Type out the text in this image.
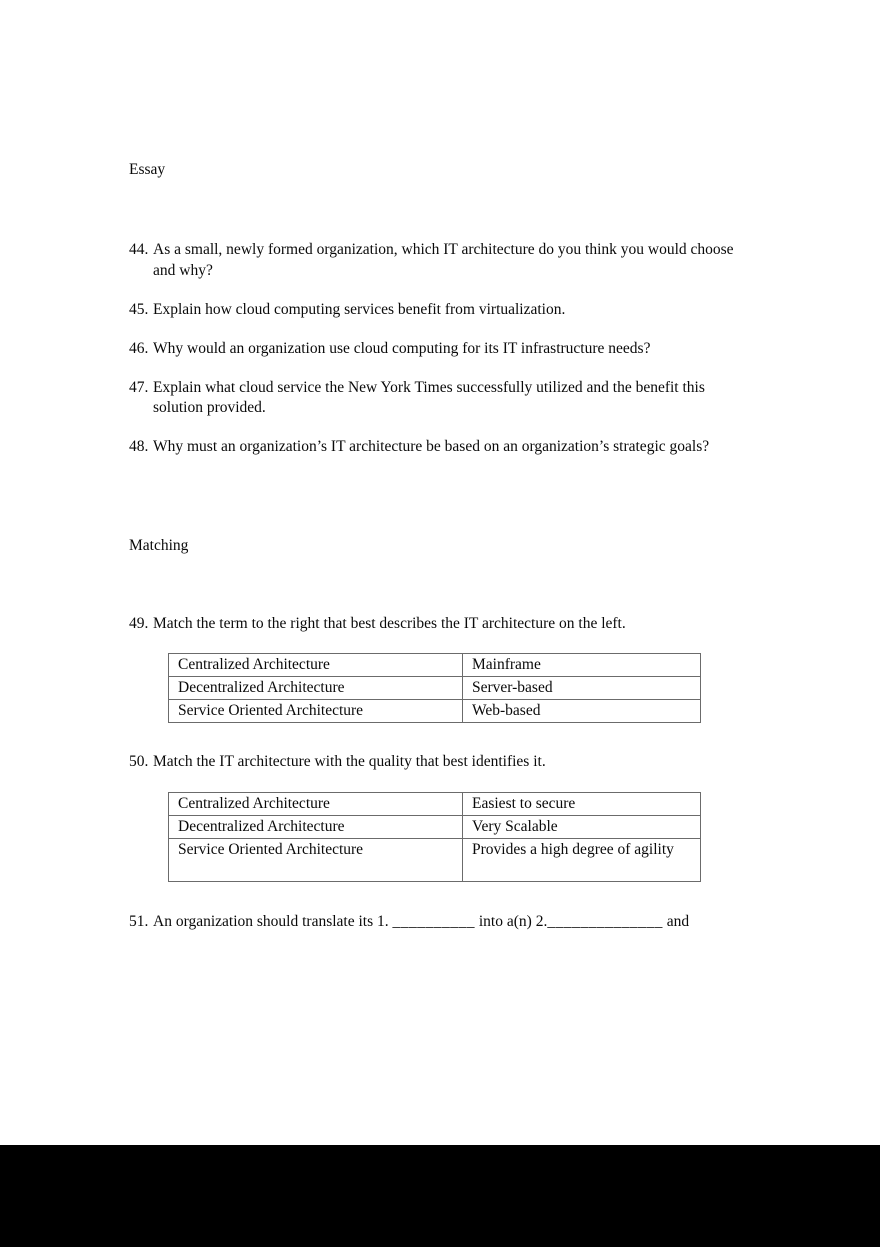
Essay
44. As a small, newly formed organization, which IT architecture do you think you would choose and why?
45. Explain how cloud computing services benefit from virtualization.
46. Why would an organization use cloud computing for its IT infrastructure needs?
47. Explain what cloud service the New York Times successfully utilized and the benefit this solution provided.
48. Why must an organization’s IT architecture be based on an organization’s strategic goals?
Matching
49. Match the term to the right that best describes the IT architecture on the left.
Centralized Architecture	Mainframe
Decentralized Architecture	Server-based
Service Oriented Architecture	Web-based
50. Match the IT architecture with the quality that best identifies it.
Centralized Architecture	Easiest to secure
Decentralized Architecture	Very Scalable
Service Oriented Architecture	Provides a high degree of agility
51. An organization should translate its 1. __________ into a(n) 2.______________ and
